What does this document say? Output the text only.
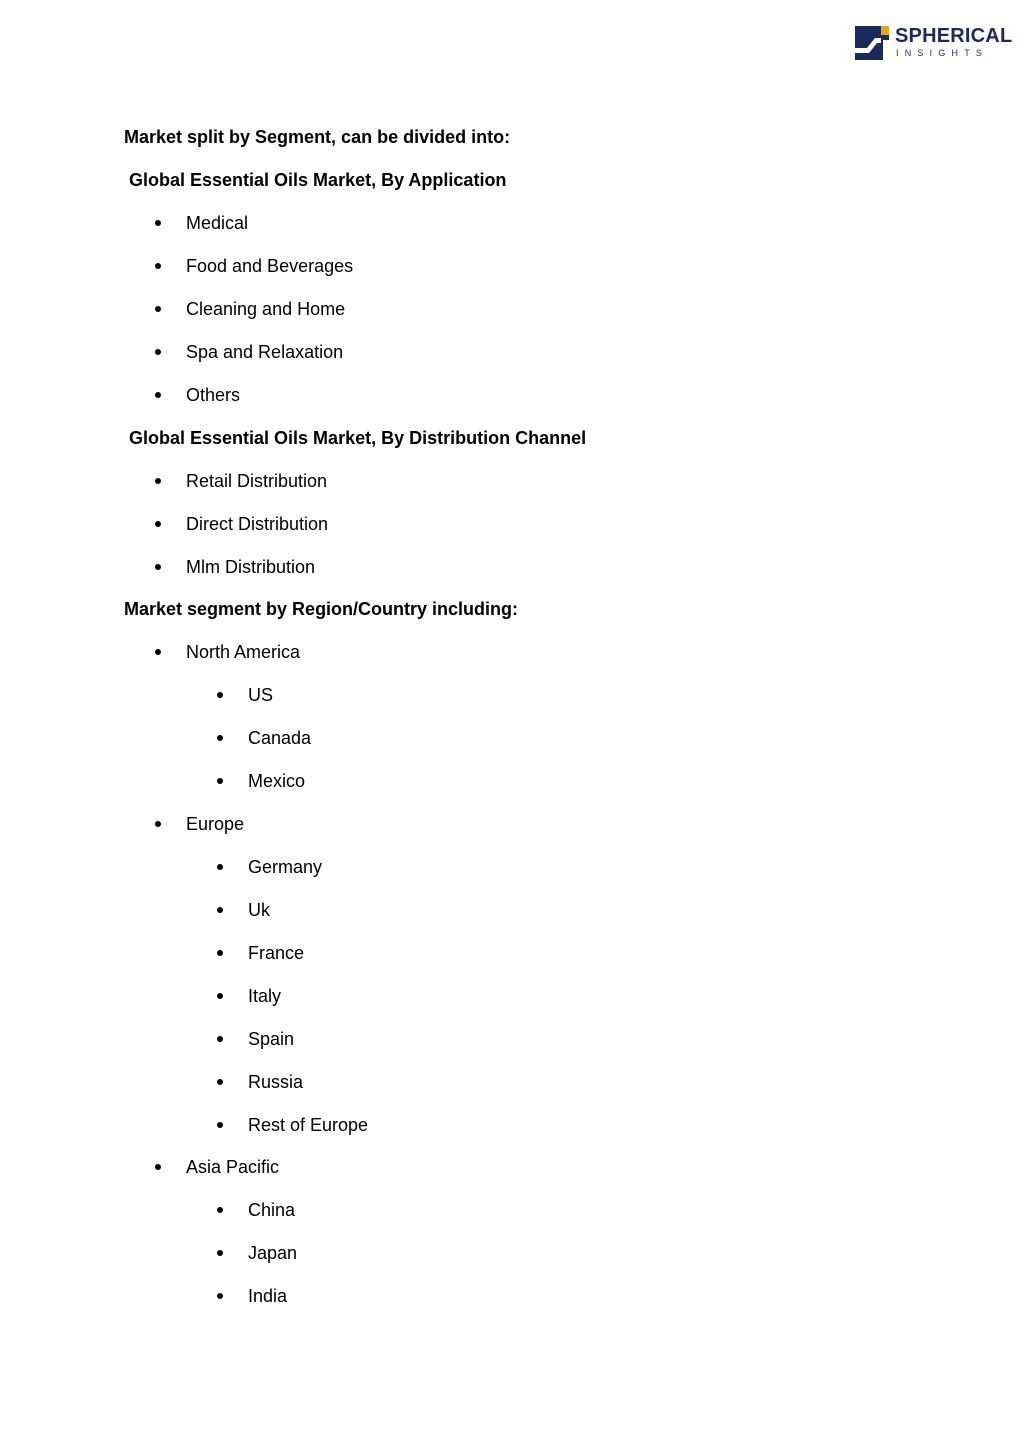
SPHERICAL
INSIGHTS
Market split by Segment, can be divided into:
Global Essential Oils Market, By Application
Medical
Food and Beverages
Cleaning and Home
Spa and Relaxation
Others
Global Essential Oils Market, By Distribution Channel
Retail Distribution
Direct Distribution
Mlm Distribution
Market segment by Region/Country including:
North America
US
Canada
Mexico
Europe
Germany
Uk
France
Italy
Spain
Russia
Rest of Europe
Asia Pacific
China
Japan
India
